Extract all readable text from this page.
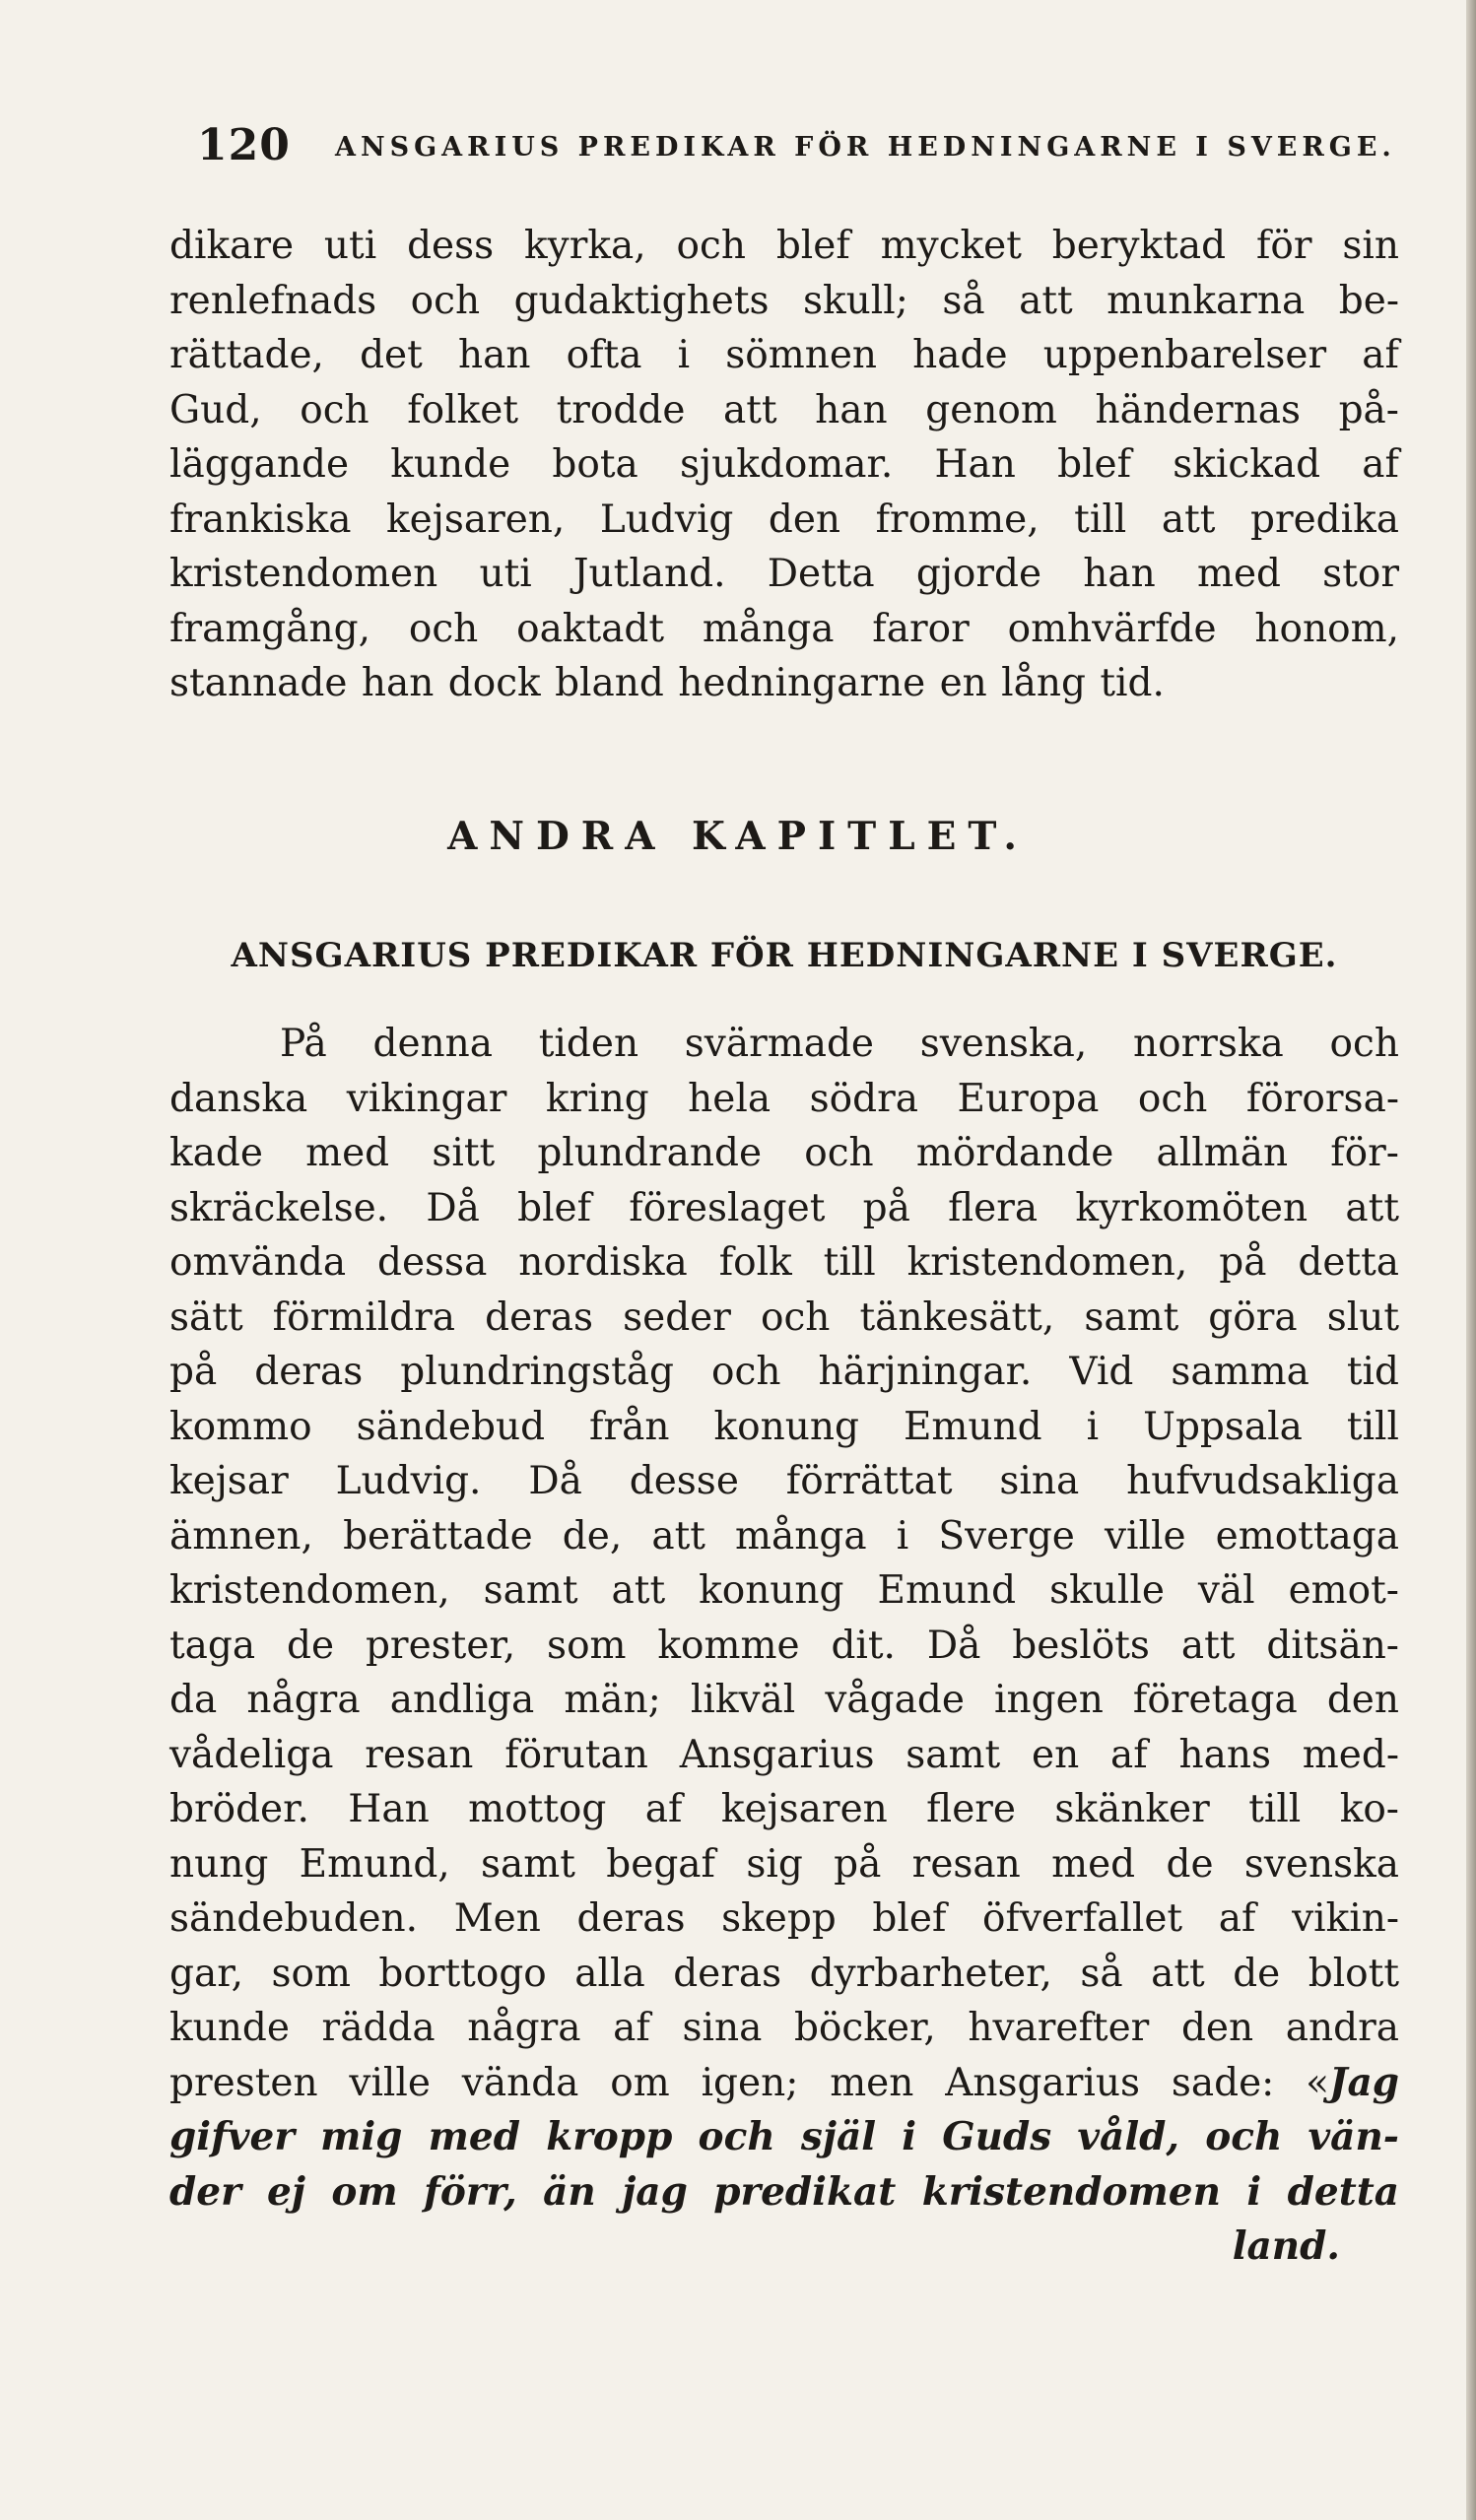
120 ANSGARIUS PREDIKAR FÖR HEDNINGARNE I SVERGE.

dikare uti dess kyrka, och blef mycket beryktad för sin
renlefnads och gudaktighets skull; så att munkarna be-
rättade, det han ofta i sömnen hade uppenbarelser af
Gud, och folket trodde att han genom händernas på-
läggande kunde bota sjukdomar. Han blef skickad af
frankiska kejsaren, Ludvig den fromme, till att predika
kristendomen uti Jutland. Detta gjorde han med stor
framgång, och oaktadt många faror omhvärfde honom,
stannade han dock bland hedningarne en lång tid.

ANDRA KAPITLET.
ANSGARIUS PREDIKAR FÖR HEDNINGARNE I SVERGE.

På denna tiden svärmade svenska, norrska och
danska vikingar kring hela södra Europa och förorsa-
kade med sitt plundrande och mördande allmän för-
skräckelse. Då blef föreslaget på flera kyrkomöten att
omvända dessa nordiska folk till kristendomen, på detta
sätt förmildra deras seder och tänkesätt, samt göra slut
på deras plundringståg och härjningar. Vid samma tid
kommo sändebud från konung Emund i Uppsala till
kejsar Ludvig. Då desse förrättat sina hufvudsakliga
ämnen, berättade de, att många i Sverge ville emottaga
kristendomen, samt att konung Emund skulle väl emot-
taga de prester, som komme dit. Då beslöts att ditsän-
da några andliga män; likväl vågade ingen företaga den
vådeliga resan förutan Ansgarius samt en af hans med-
bröder. Han mottog af kejsaren flere skänker till ko-
nung Emund, samt begaf sig på resan med de svenska
sändebuden. Men deras skepp blef öfverfallet af vikin-
gar, som borttogo alla deras dyrbarheter, så att de blott
kunde rädda några af sina böcker, hvarefter den andra
presten ville vända om igen; men Ansgarius sade: «Jag
gifver mig med kropp och själ i Guds våld, och vän-
der ej om förr, än jag predikat kristendomen i detta
land.
